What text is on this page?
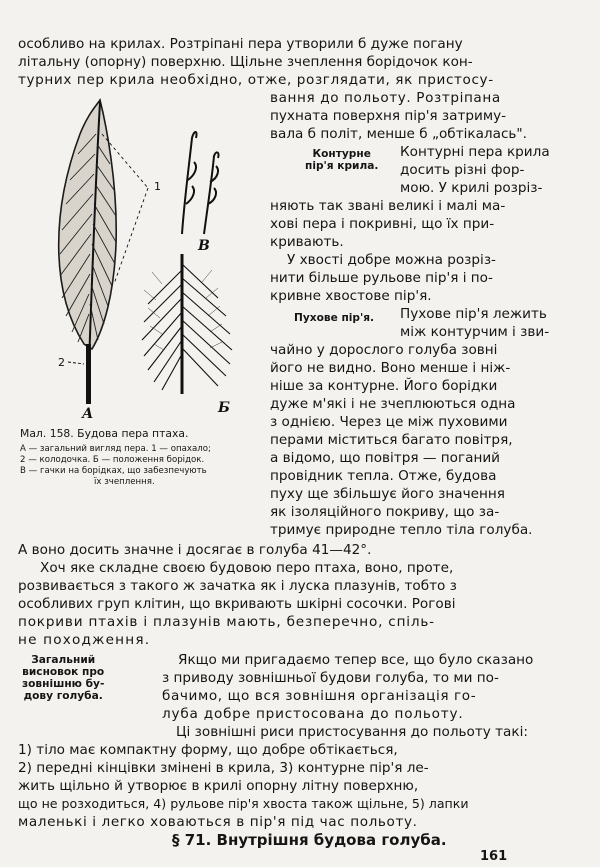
особливо на крилах. Розтріпані пера утворили б дуже погану
літальну (опорну) поверхню. Щільне зчеплення борідочок кон-
турних пер крила необхідно, отже, розглядати, як пристосу-
вання до польоту. Розтріпана
пухната поверхня пір'я затриму-
вала б політ, менше б „обтікалась".
Контурне
пір'я крила.
Контурні пера крила
досить різні фор-
мою. У крилі розріз-
няють так звані великі і малі ма-
хові пера і покривні, що їх при-
кривають.
У хвості добре можна розріз-
нити більше рульове пір'я і по-
кривне хвостове пір'я.
Пухове пір'я. Пухове пір'я лежить
між контурчим і зви-
чайно у дорослого голуба зовні
його не видно. Воно менше і ніж-
ніше за контурне. Його борідки
дуже м'які і не зчеплюються одна
з однією. Через це між пуховими
перами міститься багато повітря,
а відомо, що повітря — поганий
провідник тепла. Отже, будова
пуху ще збільшує його значення
як ізоляційного покриву, що за-
тримує природне тепло тіла голуба.
1
2
А	Б
В
Мал. 158. Будова пера птаха.
А — загальний вигляд пера. 1 — опахало;
2 — колодочка. Б — положення борідок.
В — гачки на борідках, що забезпечують
їх зчеплення.
А воно досить значне і досягає в голуба 41—42°.
Хоч яке складне своєю будовою перо птаха, воно, проте,
розвивається з такого ж зачатка як і луска плазунів, тобто з
особливих груп клітин, що вкривають шкірні сосочки. Рогові
покриви птахів і плазунів мають, безперечно, спіль-
не походження.
Загальний
висновок про
зовнішню бу-
дову голуба.
Якщо ми пригадаємо тепер все, що було сказано
з приводу зовнішньої будови голуба, то ми по-
бачимо, що вся зовнішня організація го-
луба добре пристосована до польоту.
Ці зовнішні риси пристосування до польоту такі:
1) тіло має компактну форму, що добре обтікається,
2) передні кінцівки змінені в крила, 3) контурне пір'я ле-
жить щільно й утворює в крилі опорну літну поверхню,
що не розходиться, 4) рульове пір'я хвоста також щільне, 5) лапки
маленькі і легко ховаються в пір'я під час польоту.
§ 71. Внутрішня будова голуба.
161
